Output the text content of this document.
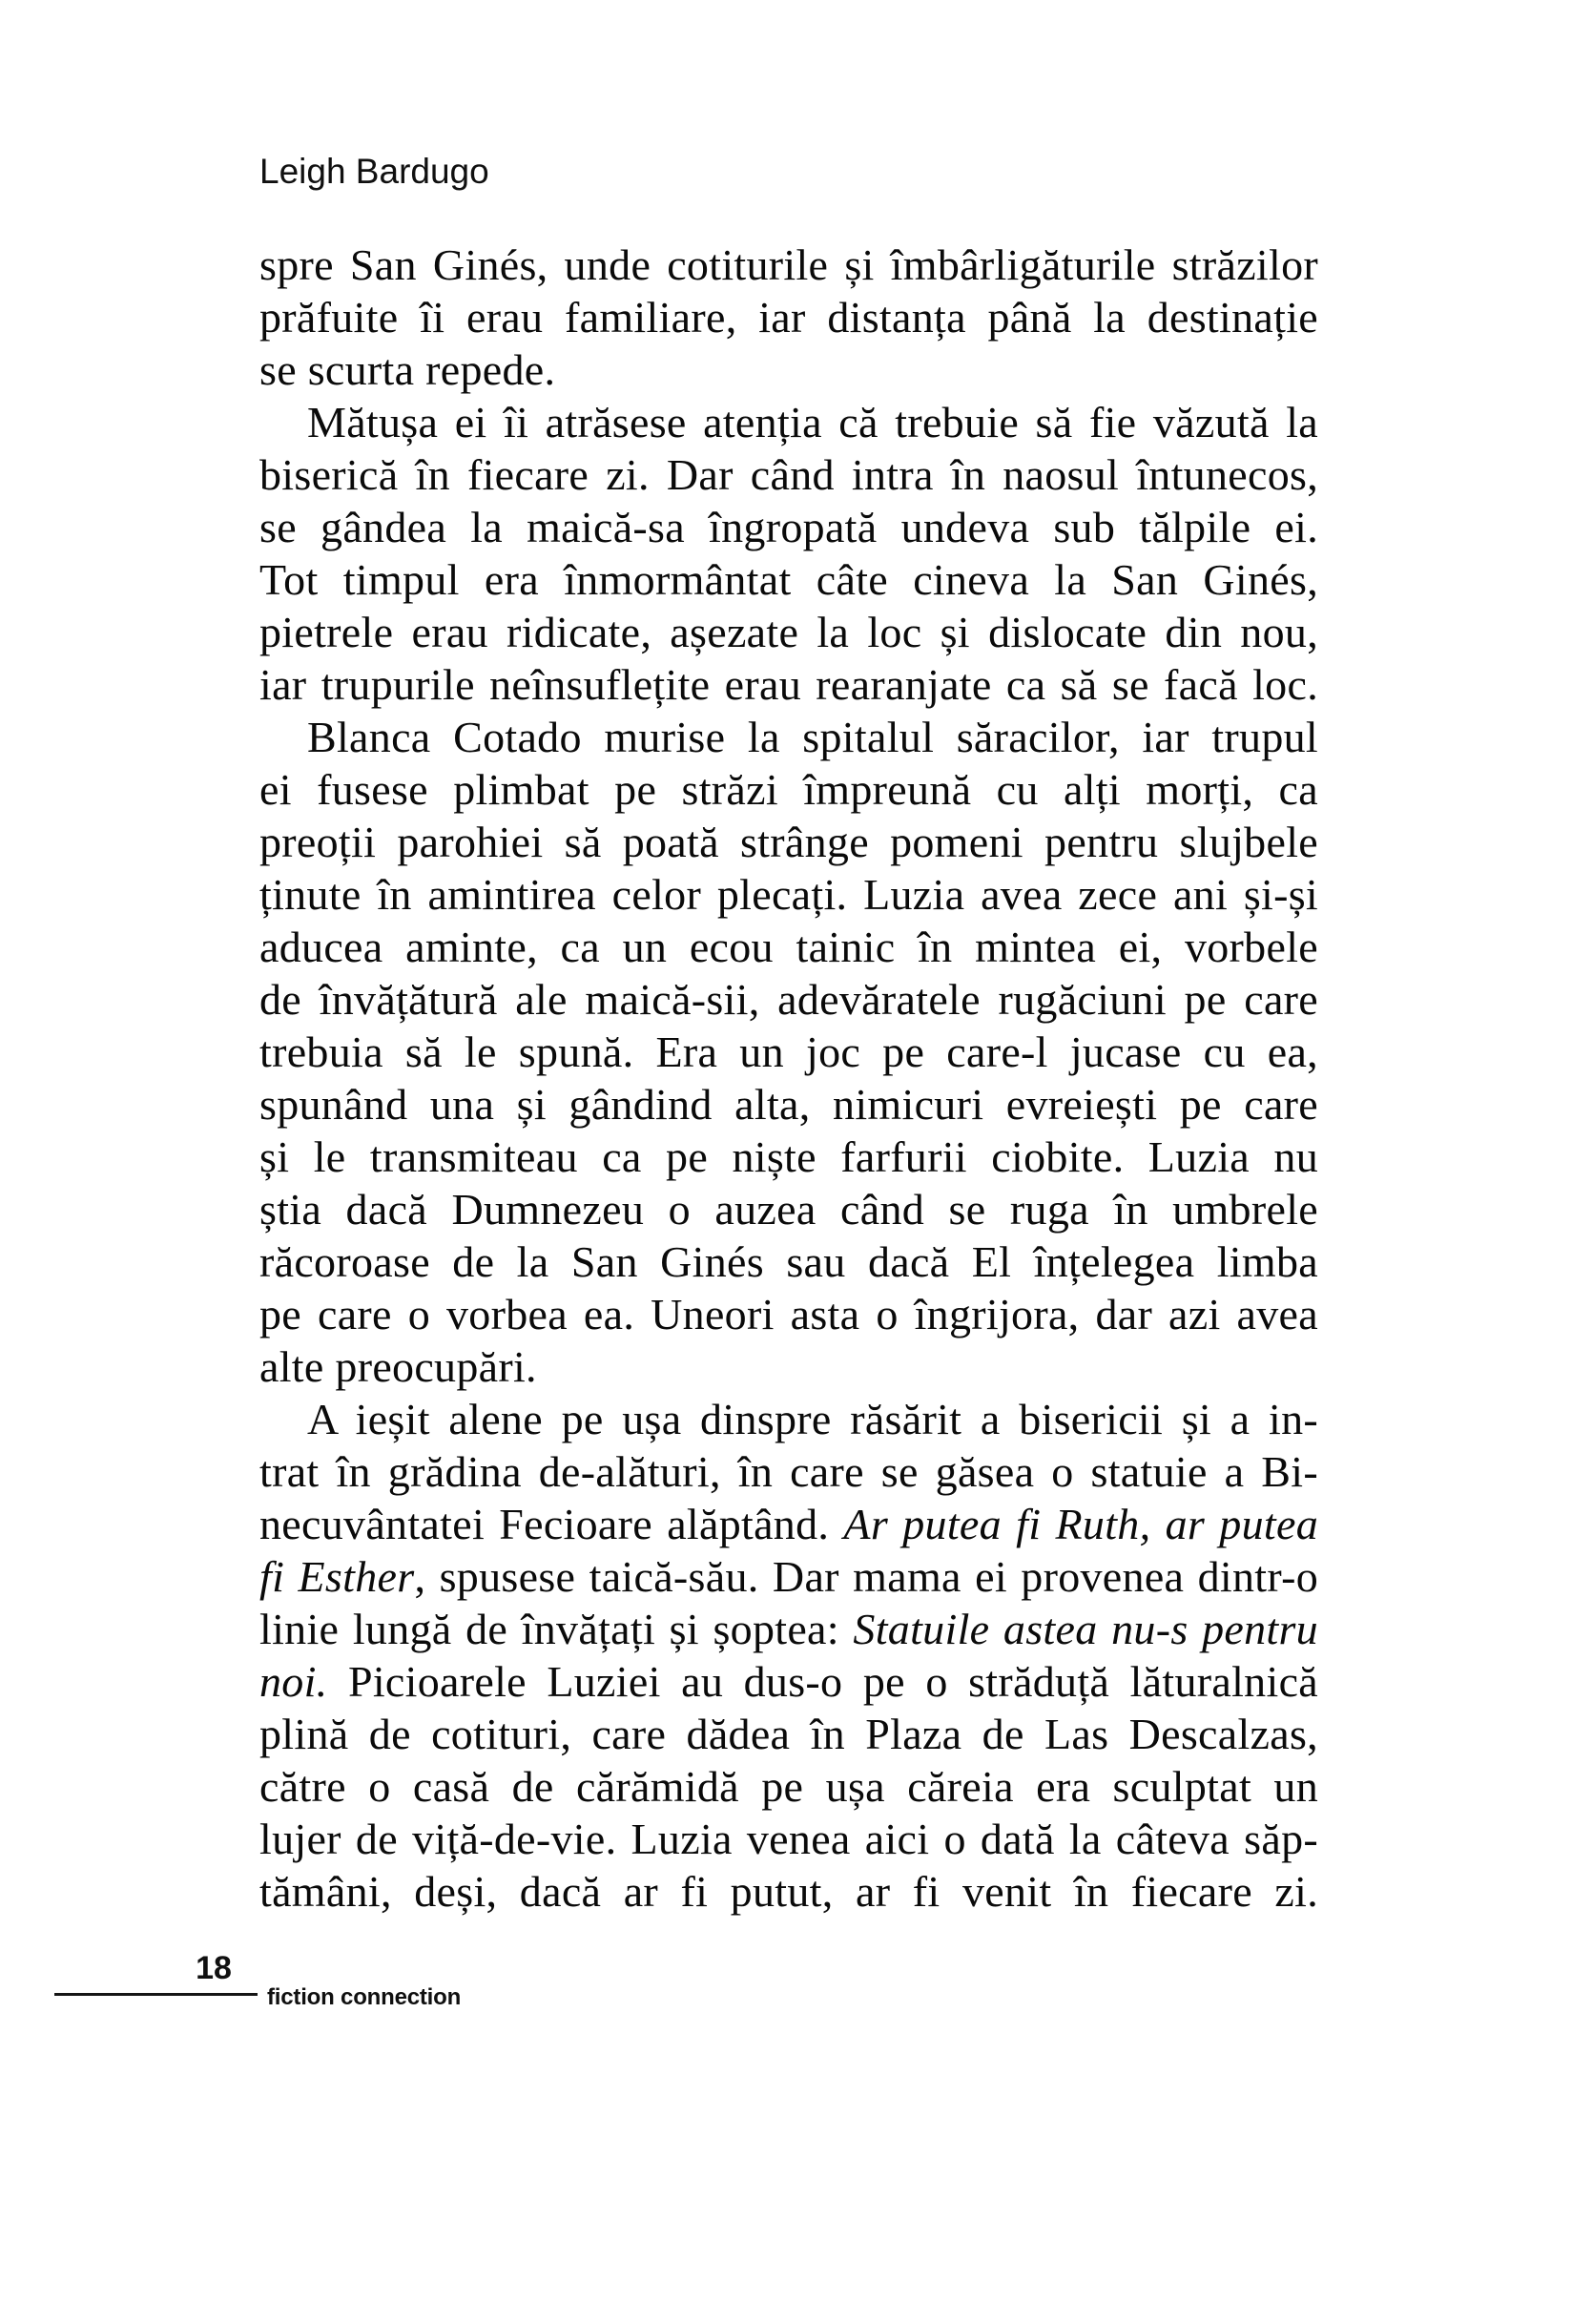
Leigh Bardugo
spre San Ginés, unde cotiturile și îmbârligăturile străzilor
prăfuite îi erau familiare, iar distanța până la destinație
se scurta repede.
Mătușa ei îi atrăsese atenția că trebuie să fie văzută la
biserică în fiecare zi. Dar când intra în naosul întunecos,
se gândea la maică-sa îngropată undeva sub tălpile ei.
Tot timpul era înmormântat câte cineva la San Ginés,
pietrele erau ridicate, așezate la loc și dislocate din nou,
iar trupurile neînsuflețite erau rearanjate ca să se facă loc.
Blanca Cotado murise la spitalul săracilor, iar trupul
ei fusese plimbat pe străzi împreună cu alți morți, ca
preoții parohiei să poată strânge pomeni pentru slujbele
ținute în amintirea celor plecați. Luzia avea zece ani și-și
aducea aminte, ca un ecou tainic în mintea ei, vorbele
de învățătură ale maică-sii, adevăratele rugăciuni pe care
trebuia să le spună. Era un joc pe care-l jucase cu ea,
spunând una și gândind alta, nimicuri evreiești pe care
și le transmiteau ca pe niște farfurii ciobite. Luzia nu
știa dacă Dumnezeu o auzea când se ruga în umbrele
răcoroase de la San Ginés sau dacă El înțelegea limba
pe care o vorbea ea. Uneori asta o îngrijora, dar azi avea
alte preocupări.
A ieșit alene pe ușa dinspre răsărit a bisericii și a in-
trat în grădina de-alături, în care se găsea o statuie a Bi-
necuvântatei Fecioare alăptând. Ar putea fi Ruth, ar putea
fi Esther, spusese taică-său. Dar mama ei provenea dintr-o
linie lungă de învățați și șoptea: Statuile astea nu-s pentru
noi. Picioarele Luziei au dus-o pe o străduță lăturalnică
plină de cotituri, care dădea în Plaza de Las Descalzas,
către o casă de cărămidă pe ușa căreia era sculptat un
lujer de viță-de-vie. Luzia venea aici o dată la câteva săp-
tămâni, deși, dacă ar fi putut, ar fi venit în fiecare zi.
18
fiction connection
